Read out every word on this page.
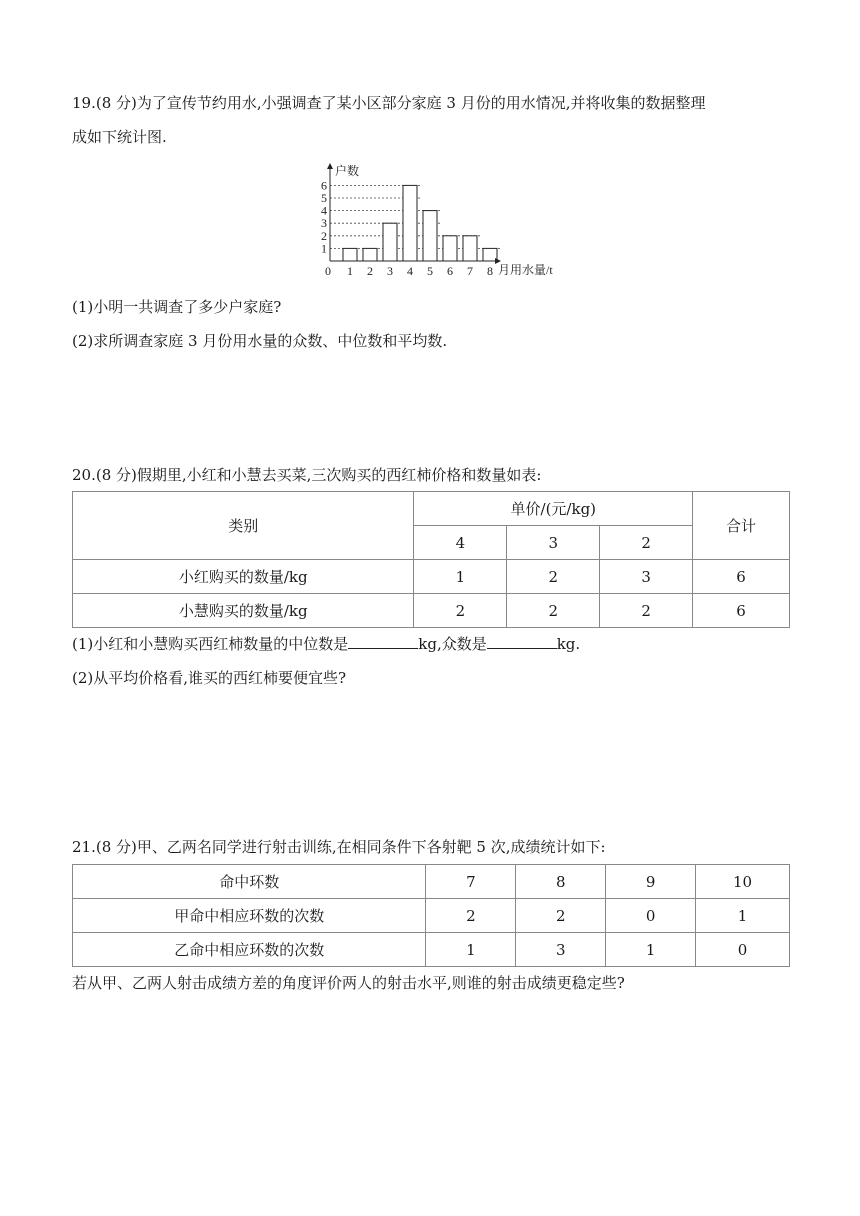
19.(8 分)为了宣传节约用水,小强调查了某小区部分家庭 3 月份的用水情况,并将收集的数据整理
成如下统计图.
1
2
3
4
5
6
0 1 2 3 4 5 6 7 8
户数
月用水量/t
(1)小明一共调查了多少户家庭?
(2)求所调查家庭 3 月份用水量的众数、中位数和平均数.
20.(8 分)假期里,小红和小慧去买菜,三次购买的西红柿价格和数量如表:
类别	单价/(元/kg)			合计
	4	3	2	
小红购买的数量/kg	1	2	3	6
小慧购买的数量/kg	2	2	2	6
(1)小红和小慧购买西红柿数量的中位数是	kg,众数是	kg.
(2)从平均价格看,谁买的西红柿要便宜些?
21.(8 分)甲、乙两名同学进行射击训练,在相同条件下各射靶 5 次,成绩统计如下:
命中环数	7	8	9	10
甲命中相应环数的次数	2	2	0	1
乙命中相应环数的次数	1	3	1	0
若从甲、乙两人射击成绩方差的角度评价两人的射击水平,则谁的射击成绩更稳定些?
